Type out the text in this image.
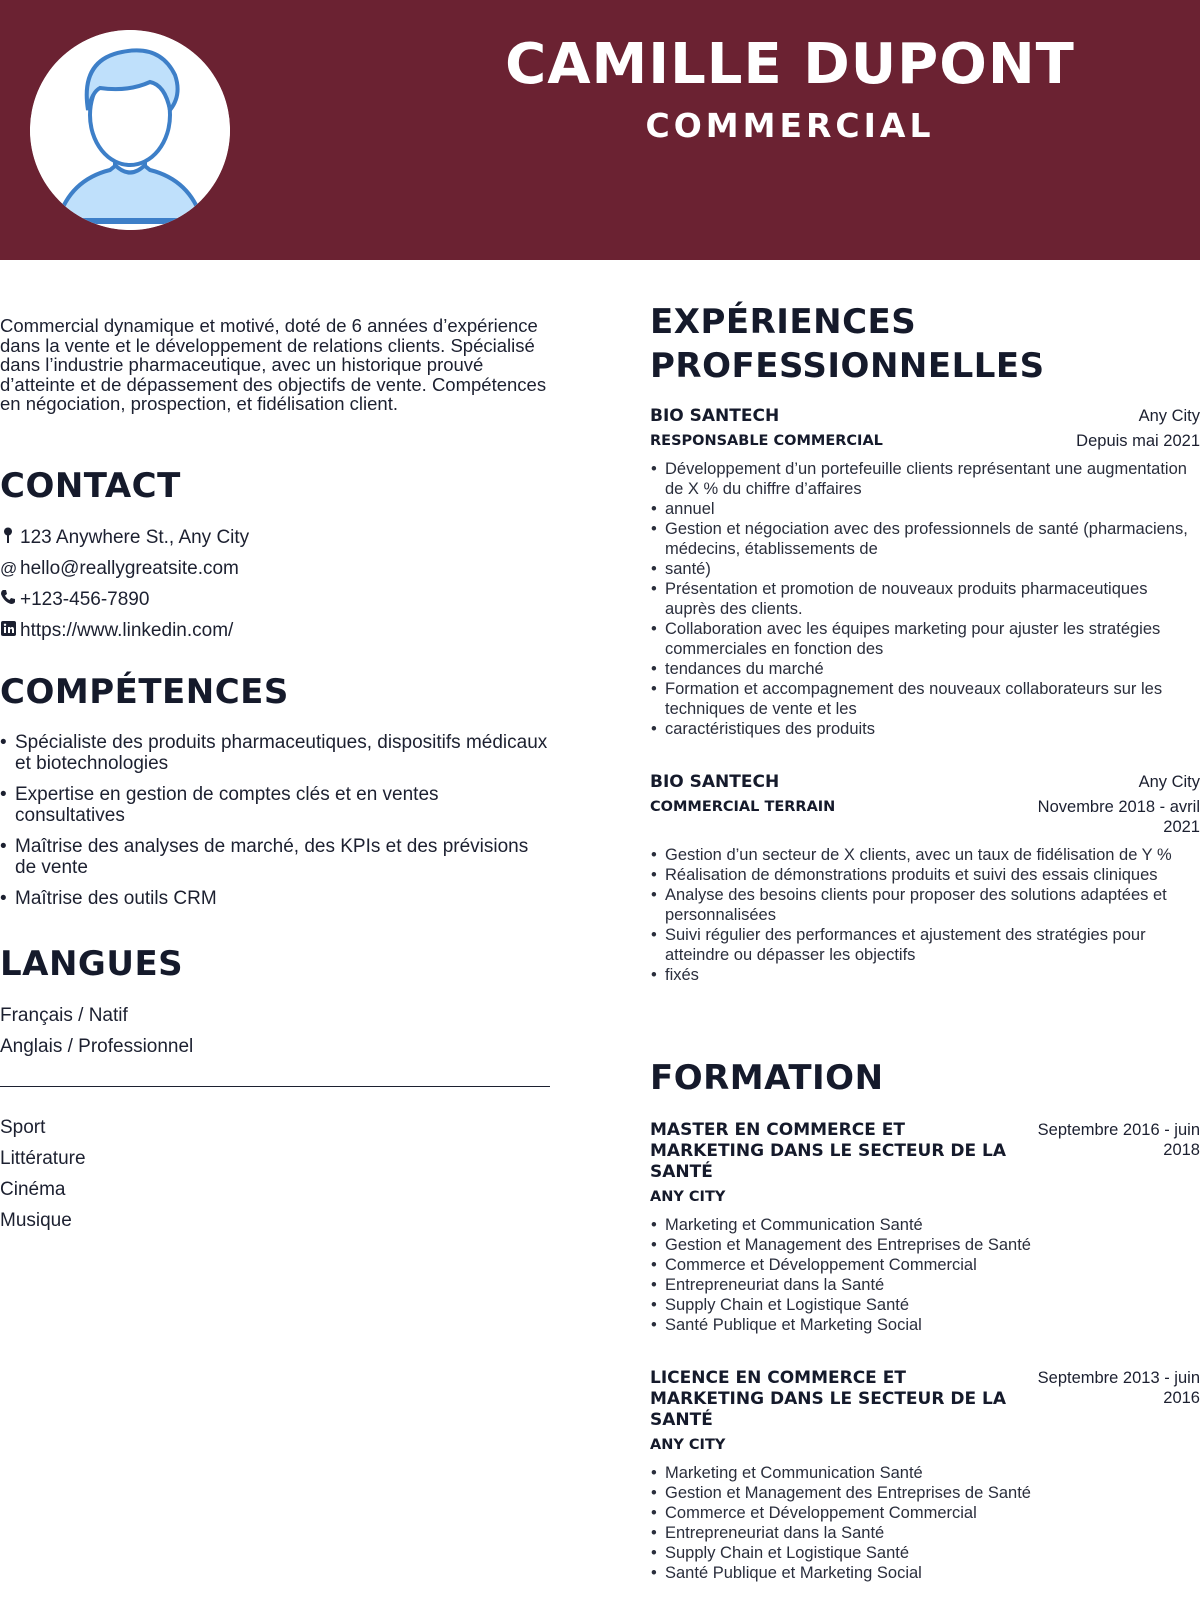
CAMILLE DUPONT
COMMERCIAL

Commercial dynamique et motivé, doté de 6 années d’expérience dans la vente et le développement de relations clients. Spécialisé dans l’industrie pharmaceutique, avec un historique prouvé d’atteinte et de dépassement des objectifs de vente. Compétences en négociation, prospection, et fidélisation client.

CONTACT
123 Anywhere St., Any City
@ hello@reallygreatsite.com
+123-456-7890
https://www.linkedin.com/
COMPÉTENCES
• Spécialiste des produits pharmaceutiques, dispositifs médicaux et biotechnologies
• Expertise en gestion de comptes clés et en ventes consultatives
• Maîtrise des analyses de marché, des KPIs et des prévisions de vente
• Maîtrise des outils CRM
LANGUES
Français / Natif
Anglais / Professionnel
Sport
Littérature
Cinéma
Musique
EXPÉRIENCES
PROFESSIONNELLES
BIO SANTECH	Any City
RESPONSABLE COMMERCIAL	Depuis mai 2021
• Développement d’un portefeuille clients représentant une augmentation de X % du chiffre d’affaires
• annuel
• Gestion et négociation avec des professionnels de santé (pharmaciens, médecins, établissements de
• santé)
• Présentation et promotion de nouveaux produits pharmaceutiques auprès des clients.
• Collaboration avec les équipes marketing pour ajuster les stratégies commerciales en fonction des
• tendances du marché
• Formation et accompagnement des nouveaux collaborateurs sur les techniques de vente et les
• caractéristiques des produits
BIO SANTECH	Any City
COMMERCIAL TERRAIN	Novembre 2018 - avril 2021
• Gestion d’un secteur de X clients, avec un taux de fidélisation de Y %
• Réalisation de démonstrations produits et suivi des essais cliniques
• Analyse des besoins clients pour proposer des solutions adaptées et personnalisées
• Suivi régulier des performances et ajustement des stratégies pour atteindre ou dépasser les objectifs
• fixés
FORMATION
MASTER EN COMMERCE ET MARKETING DANS LE SECTEUR DE LA SANTÉ
Septembre 2016 - juin 2018
ANY CITY
• Marketing et Communication Santé
• Gestion et Management des Entreprises de Santé
• Commerce et Développement Commercial
• Entrepreneuriat dans la Santé
• Supply Chain et Logistique Santé
• Santé Publique et Marketing Social
LICENCE EN COMMERCE ET MARKETING DANS LE SECTEUR DE LA SANTÉ
Septembre 2013 - juin 2016
ANY CITY
• Marketing et Communication Santé
• Gestion et Management des Entreprises de Santé
• Commerce et Développement Commercial
• Entrepreneuriat dans la Santé
• Supply Chain et Logistique Santé
• Santé Publique et Marketing Social
